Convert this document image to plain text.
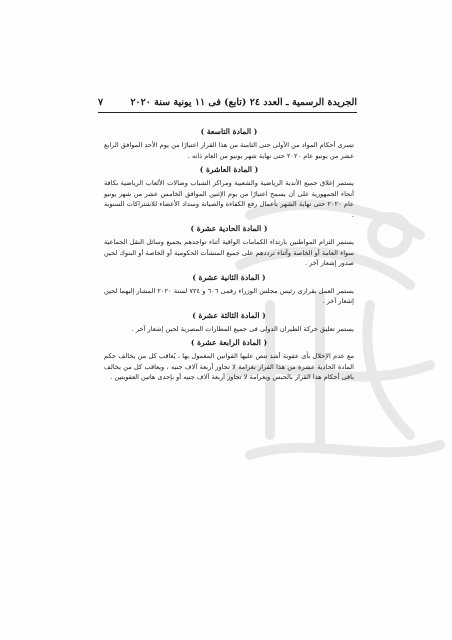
الجريدة الرسمية ـ العدد ٢٤ (تابع) فى ١١ يونية سنة ٢٠٢٠
٧
( المادة التاسعة )

تسرى أحكام المواد من الأولى حتى الثامنة من هذا القرار اعتبارًا من يوم الأحد الموافق الرابع عشر من يونيو عام ٢٠٢٠ حتى نهاية شهر يونيو من العام ذاته .

( المادة العاشرة )

يستمر إغلاق جميع الأندية الرياضية والشعبية ومراكز الشباب وصالات الألعاب الرياضية بكافة أنحاء الجمهورية على أن يسمح اعتبارًا من يوم الإثنين الموافق الخامس عشر من شهر يونيو عام ٢٠٢٠ حتى نهاية الشهر بأعمال رفع الكفاءة والصيانة وسداد الأعضاء للاشتراكات السنوية .

( المادة الحادية عشرة )

يستمر التزام المواطنين بارتداء الكمامات الواقية أثناء تواجدهم بجميع وسائل النقل الجماعية سواء العامة أو الخاصة وأثناء ترددهم على جميع المنشآت الحكومية أو الخاصة أو البنوك لحين صدور إشعار آخر .

( المادة الثانية عشرة )

يستمر العمل بقرارى رئيس مجلس الوزراء رقمى ٦٠٦ و ٧٢٤ لسنة ٢٠٢٠ المشار إليهما لحين إشعار آخر .

( المادة الثالثة عشرة )

يستمر تعليق حركة الطيران الدولى فى جميع المطارات المصرية لحين إشعار آخر .

( المادة الرابعة عشرة )

مع عدم الإخلال بأى عقوبة أشد تنص عليها القوانين المعمول بها ، يُعاقب كل من يخالف حكم المادة الحادية عشرة من هذا القرار بغرامة لا تجاوز أربعة آلاف جنيه ، ويعاقب كل من يخالف باقى أحكام هذا القرار بالحبس وبغرامة لا تجاوز أربعة آلاف جنيه أو بإحدى هاتين العقوبتين .
